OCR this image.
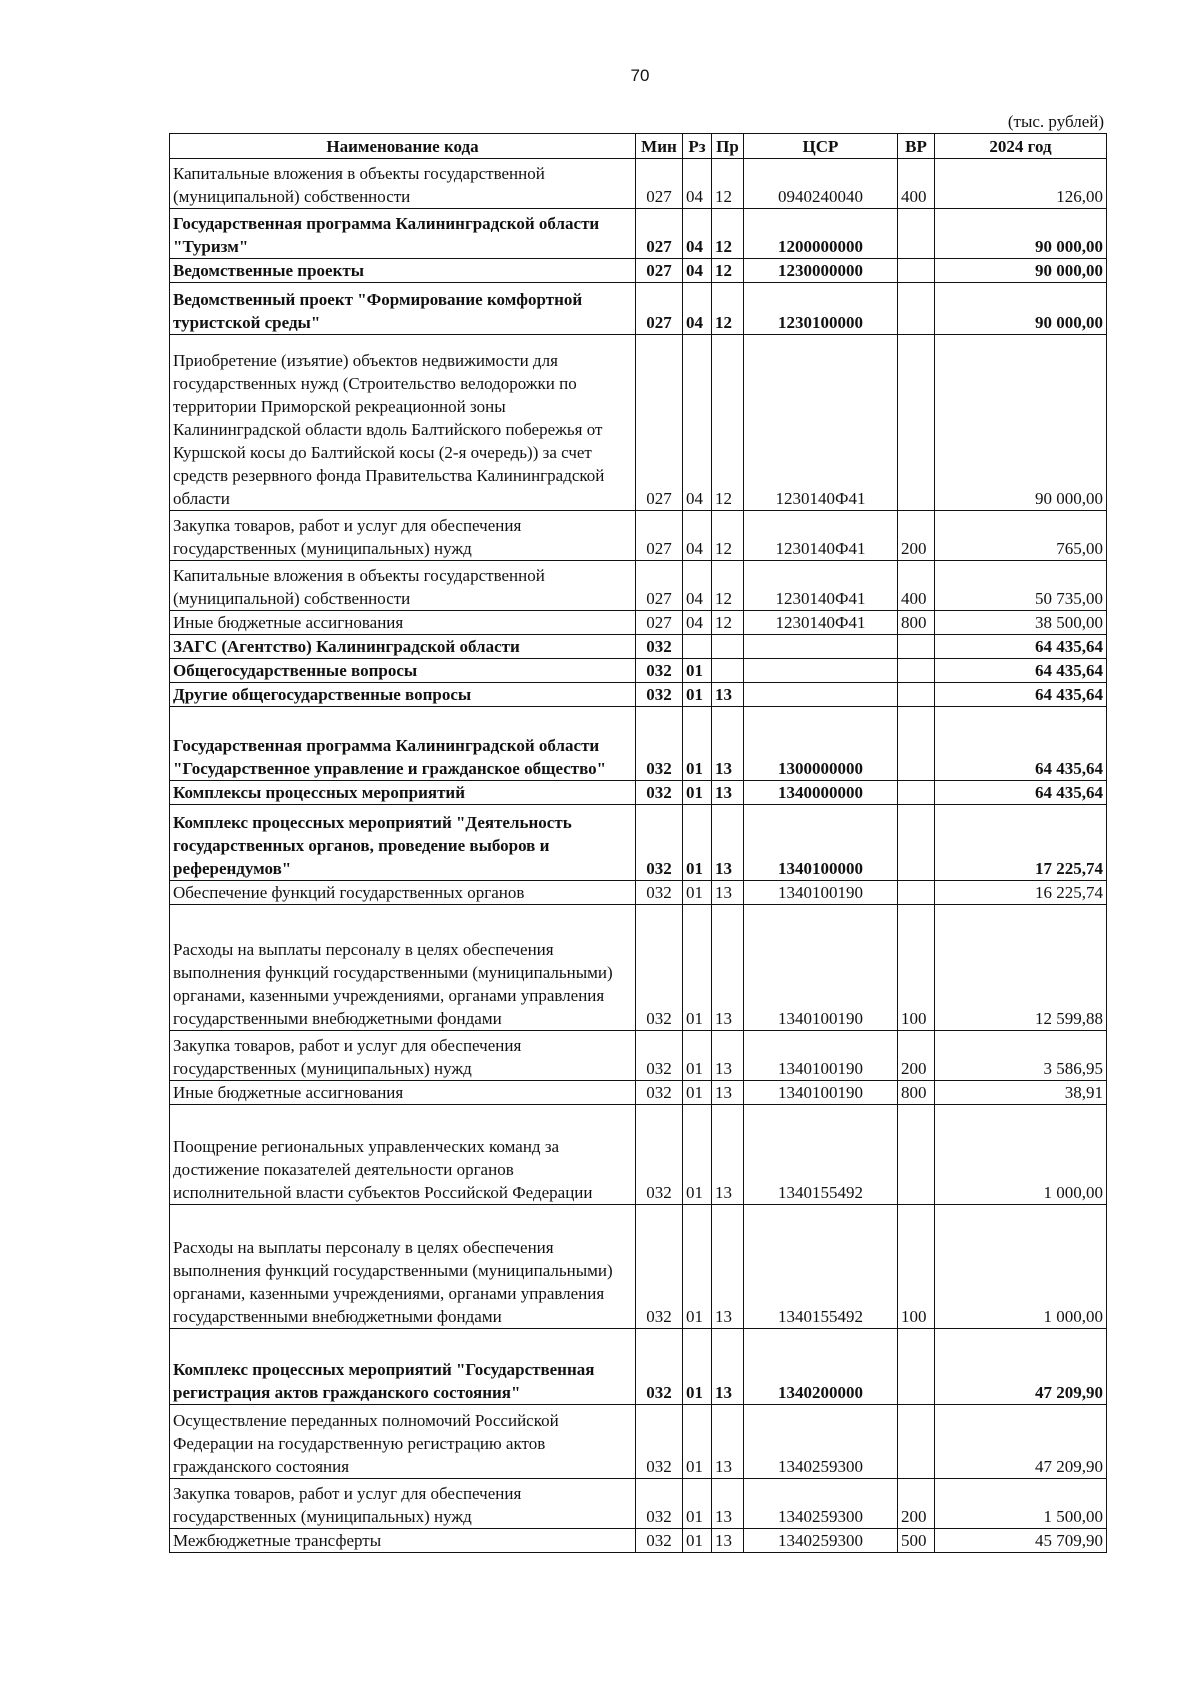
70
(тыс. рублей)
Наименование кода	Мин	Рз	Пр	ЦСР	ВР	2024 год
Капитальные вложения в объекты государственной (муниципальной) собственности	027	04	12	0940240040	400	126,00
Государственная программа Калининградской области "Туризм"	027	04	12	1200000000		90 000,00
Ведомственные проекты	027	04	12	1230000000		90 000,00
Ведомственный проект "Формирование комфортной туристской среды"	027	04	12	1230100000		90 000,00
Приобретение (изъятие) объектов недвижимости для государственных нужд (Строительство велодорожки по территории Приморской рекреационной зоны Калининградской области вдоль Балтийского побережья от Куршской косы до Балтийской косы (2-я очередь)) за счет средств резервного фонда Правительства Калининградской области	027	04	12	1230140Ф41		90 000,00
Закупка товаров, работ и услуг для обеспечения государственных (муниципальных) нужд	027	04	12	1230140Ф41	200	765,00
Капитальные вложения в объекты государственной (муниципальной) собственности	027	04	12	1230140Ф41	400	50 735,00
Иные бюджетные ассигнования	027	04	12	1230140Ф41	800	38 500,00
ЗАГС (Агентство) Калининградской области	032					64 435,64
Общегосударственные вопросы	032	01				64 435,64
Другие общегосударственные вопросы	032	01	13			64 435,64
Государственная программа Калининградской области "Государственное управление и гражданское общество"	032	01	13	1300000000		64 435,64
Комплексы процессных мероприятий	032	01	13	1340000000		64 435,64
Комплекс процессных мероприятий "Деятельность государственных органов, проведение выборов и референдумов"	032	01	13	1340100000		17 225,74
Обеспечение функций государственных органов	032	01	13	1340100190		16 225,74
Расходы на выплаты персоналу в целях обеспечения выполнения функций государственными (муниципальными) органами, казенными учреждениями, органами управления государственными внебюджетными фондами	032	01	13	1340100190	100	12 599,88
Закупка товаров, работ и услуг для обеспечения государственных (муниципальных) нужд	032	01	13	1340100190	200	3 586,95
Иные бюджетные ассигнования	032	01	13	1340100190	800	38,91
Поощрение региональных управленческих команд за достижение показателей деятельности органов исполнительной власти субъектов Российской Федерации	032	01	13	1340155492		1 000,00
Расходы на выплаты персоналу в целях обеспечения выполнения функций государственными (муниципальными) органами, казенными учреждениями, органами управления государственными внебюджетными фондами	032	01	13	1340155492	100	1 000,00
Комплекс процессных мероприятий "Государственная регистрация актов гражданского состояния"	032	01	13	1340200000		47 209,90
Осуществление переданных полномочий Российской Федерации на государственную регистрацию актов гражданского состояния	032	01	13	1340259300		47 209,90
Закупка товаров, работ и услуг для обеспечения государственных (муниципальных) нужд	032	01	13	1340259300	200	1 500,00
Межбюджетные трансферты	032	01	13	1340259300	500	45 709,90
